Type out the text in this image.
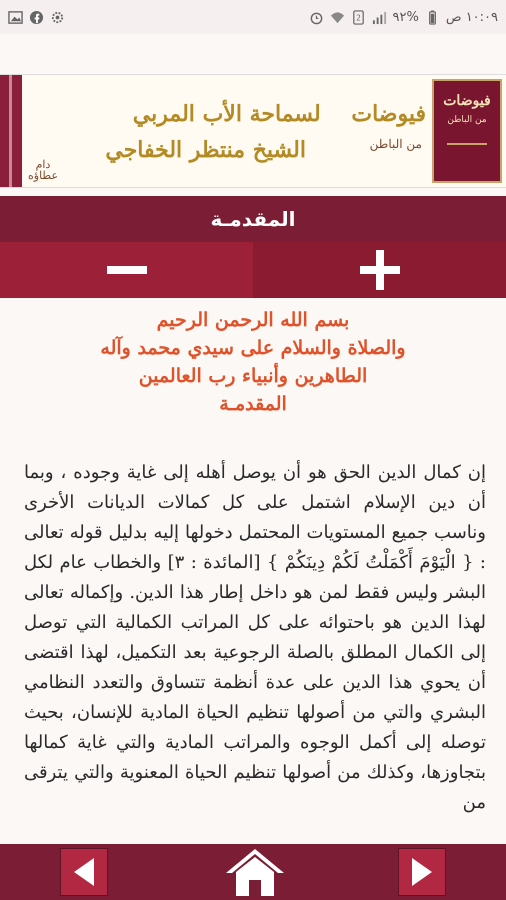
2 ٩٢% ١٠:٠٩ ص
دام
عطاؤه
فيوضات    لسماحة الأب المربي
الشيخ منتظر الخفاجي	من الباطن
فيوضات
من الباطن
المقدمـة
بسم الله الرحمن الرحيم
والصلاة والسلام على سيدي محمد وآله
الطاهرين وأنبياء رب العالمين
المقدمـة
إن كمال الدين الحق هو أن يوصل أهله إلى غاية وجوده ، وبما أن دين الإسلام اشتمل على كل كمالات الديانات الأخرى وناسب جميع المستويات المحتمل دخولها إليه بدليل قوله تعالى : { الْيَوْمَ أَكْمَلْتُ لَكُمْ دِينَكُمْ } [المائدة : ٣] والخطاب عام لكل البشر وليس فقط لمن هو داخل إطار هذا الدين. وإكماله تعالى لهذا الدين هو باحتوائه على كل المراتب الكمالية التي توصل إلى الكمال المطلق بالصلة الرجوعية بعد التكميل، لهذا اقتضى أن يحوي هذا الدين على عدة أنظمة تتساوق والتعدد النظامي البشري والتي من أصولها تنظيم الحياة المادية للإنسان، بحيث توصله إلى أكمل الوجوه والمراتب المادية والتي غاية كمالها بتجاوزها، وكذلك من أصولها تنظيم الحياة المعنوية والتي يترقى من
